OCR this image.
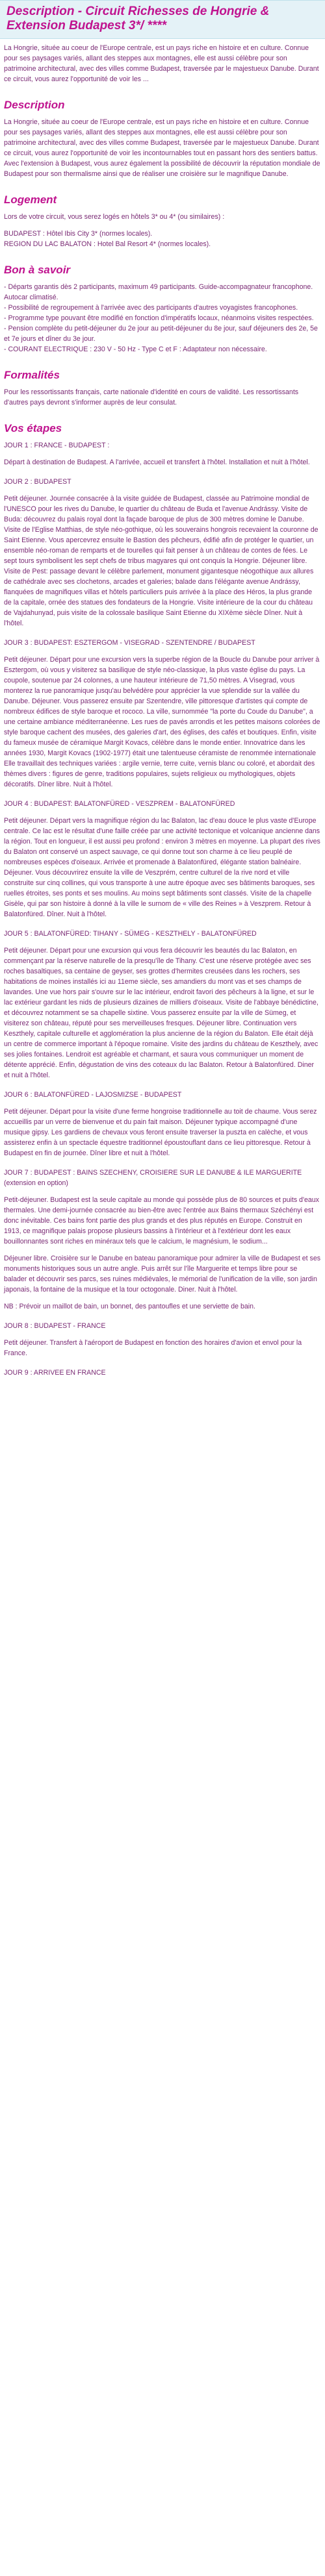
Description - Circuit Richesses de Hongrie & Extension Budapest 3*/ ****

La Hongrie, située au coeur de l'Europe centrale, est un pays riche en histoire et en culture. Connue pour ses paysages variés, allant des steppes aux montagnes, elle est aussi célèbre pour son patrimoine architectural, avec des villes comme Budapest, traversée par le majestueux Danube. Durant ce circuit, vous aurez l'opportunité de voir les ...

Description

La Hongrie, située au coeur de l'Europe centrale, est un pays riche en histoire et en culture. Connue pour ses paysages variés, allant des steppes aux montagnes, elle est aussi célèbre pour son patrimoine architectural, avec des villes comme Budapest, traversée par le majestueux Danube. Durant ce circuit, vous aurez l'opportunité de voir les incontournables tout en passant hors des sentiers battus. Avec l'extension à Budapest, vous aurez également la possibilité de découvrir la réputation mondiale de Budapest pour son thermalisme ainsi que de réaliser une croisière sur le magnifique Danube.

Logement

Lors de votre circuit, vous serez logés en hôtels 3* ou 4* (ou similaires) :

BUDAPEST : Hôtel Ibis City 3* (normes locales).

REGION DU LAC BALATON : Hotel Bal Resort 4* (normes locales).

Bon à savoir
- Départs garantis dès 2 participants, maximum 49 participants. Guide-accompagnateur francophone. Autocar climatisé.
- Possibilité de regroupement à l'arrivée avec des participants d'autres voyagistes francophones.
- Programme type pouvant être modifié en fonction d'impératifs locaux, néanmoins visites respectées.
- Pension complète du petit-déjeuner du 2e jour au petit-déjeuner du 8e jour, sauf déjeuners des 2e, 5e et 7e jours et dîner du 3e jour.
- COURANT ELECTRIQUE : 230 V - 50 Hz - Type C et F : Adaptateur non nécessaire.
Formalités

Pour les ressortissants français, carte nationale d'identité en cours de validité. Les ressortissants d'autres pays devront s'informer auprès de leur consulat.

Vos étapes
JOUR 1 : FRANCE - BUDAPEST :

Départ à destination de Budapest. A l'arrivée, accueil et transfert à l'hôtel. Installation et nuit à l'hôtel.

JOUR 2 : BUDAPEST

Petit déjeuner. Journée consacrée à la visite guidée de Budapest, classée au Patrimoine mondial de l'UNESCO pour les rives du Danube, le quartier du château de Buda et l'avenue Andrássy. Visite de Buda: découvrez du palais royal dont la façade baroque de plus de 300 mètres domine le Danube. Visite de l'Eglise Matthias, de style néo-gothique, où les souverains hongrois recevaient la couronne de Saint Etienne. Vous apercevrez ensuite le Bastion des pêcheurs, édifié afin de protéger le quartier, un ensemble néo-roman de remparts et de tourelles qui fait penser à un château de contes de fées. Le sept tours symbolisent les sept chefs de tribus magyares qui ont conquis la Hongrie. Déjeuner libre. Visite de Pest: passage devant le célèbre parlement, monument gigantesque néogothique aux allures de cathédrale avec ses clochetons, arcades et galeries; balade dans l'élégante avenue Andrássy, flanquées de magnifiques villas et hôtels particuliers puis arrivée à la place des Héros, la plus grande de la capitale, ornée des statues des fondateurs de la Hongrie. Visite intérieure de la cour du château de Vajdahunyad, puis visite de la colossale basilique Saint Etienne du XIXème siècle Dîner. Nuit à l'hôtel.

JOUR 3 : BUDAPEST: ESZTERGOM - VISEGRAD - SZENTENDRE / BUDAPEST

Petit déjeuner. Départ pour une excursion vers la superbe région de la Boucle du Danube pour arriver à Esztergom, où vous y visiterez sa basilique de style néo-classique, la plus vaste église du pays. La coupole, soutenue par 24 colonnes, a une hauteur intérieure de 71,50 mètres. A Visegrad, vous monterez la rue panoramique jusqu'au belvédère pour apprécier la vue splendide sur la vallée du Danube. Déjeuner. Vous passerez ensuite par Szentendre, ville pittoresque d'artistes qui compte de nombreux édifices de style baroque et rococo. La ville, surnommée "la porte du Coude du Danube", a une certaine ambiance méditerranéenne. Les rues de pavés arrondis et les petites maisons colorées de style baroque cachent des musées, des galeries d'art, des églises, des cafés et boutiques. Enfin, visite du fameux musée de céramique Margit Kovacs, célèbre dans le monde entier. Innovatrice dans les années 1930, Margit Kovacs (1902-1977) était une talentueuse céramiste de renommée internationale Elle travaillait des techniques variées : argile vernie, terre cuite, vernis blanc ou coloré, et abordait des thèmes divers : figures de genre, traditions populaires, sujets religieux ou mythologiques, objets décoratifs. Dîner libre. Nuit à l'hôtel.

JOUR 4 : BUDAPEST: BALATONFÜRED - VESZPREM - BALATONFÜRED

Petit déjeuner. Départ vers la magnifique région du lac Balaton, lac d'eau douce le plus vaste d'Europe centrale. Ce lac est le résultat d'une faille créée par une activité tectonique et volcanique ancienne dans la région. Tout en longueur, il est aussi peu profond : environ 3 mètres en moyenne. La plupart des rives du Balaton ont conservé un aspect sauvage, ce qui donne tout son charme à ce lieu peuplé de nombreuses espèces d'oiseaux. Arrivée et promenade à Balatonfüred, élégante station balnéaire. Déjeuner. Vous découvrirez ensuite la ville de Veszprém, centre culturel de la rive nord et ville construite sur cinq collines, qui vous transporte à une autre époque avec ses bâtiments baroques, ses ruelles étroites, ses ponts et ses moulins. Au moins sept bâtiments sont classés. Visite de la chapelle Gisèle, qui par son histoire à donné à la ville le surnom de « ville des Reines » à Veszprem. Retour à Balatonfüred. Dîner. Nuit à l'hôtel.

JOUR 5 : BALATONFÜRED: TIHANY - SÜMEG - KESZTHELY - BALATONFÜRED

Petit déjeuner. Départ pour une excursion qui vous fera découvrir les beautés du lac Balaton, en commençant par la réserve naturelle de la presqu'île de Tihany. C'est une réserve protégée avec ses roches basaltiques, sa centaine de geyser, ses grottes d'hermites creusées dans les rochers, ses habitations de moines installés ici au 11eme siècle, ses amandiers du mont vas et ses champs de lavandes. Une vue hors pair s'ouvre sur le lac intérieur, endroit favori des pêcheurs à la ligne, et sur le lac extérieur gardant les nids de plusieurs dizaines de milliers d'oiseaux. Visite de l'abbaye bénédictine, et découvrez notamment se sa chapelle sixtine. Vous passerez ensuite par la ville de Sümeg, et visiterez son château, réputé pour ses merveilleuses fresques. Déjeuner libre. Continuation vers Keszthely, capitale culturelle et agglomération la plus ancienne de la région du Balaton. Elle était déjà un centre de commerce important à l'époque romaine. Visite des jardins du château de Keszthely, avec ses jolies fontaines. Lendroit est agréable et charmant, et saura vous communiquer un moment de détente apprécié. Enfin, dégustation de vins des coteaux du lac Balaton. Retour à Balatonfüred. Diner et nuit à l'hôtel.

JOUR 6 : BALATONFÜRED - LAJOSMIZSE - BUDAPEST

Petit déjeuner. Départ pour la visite d'une ferme hongroise traditionnelle au toit de chaume. Vous serez accueillis par un verre de bienvenue et du pain fait maison. Déjeuner typique accompagné d'une musique gipsy. Les gardiens de chevaux vous feront ensuite traverser la puszta en calèche, et vous assisterez enfin à un spectacle équestre traditionnel époustouflant dans ce lieu pittoresque. Retour à Budapest en fin de journée. Dîner libre et nuit à l'hôtel.

JOUR 7 : BUDAPEST : BAINS SZECHENY, CROISIERE SUR LE DANUBE & ILE MARGUERITE (extension en option)

Petit-déjeuner. Budapest est la seule capitale au monde qui possède plus de 80 sources et puits d'eaux thermales. Une demi-journée consacrée au bien-être avec l'entrée aux Bains thermaux Széchényi est donc inévitable. Ces bains font partie des plus grands et des plus réputés en Europe. Construit en 1913, ce magnifique palais propose plusieurs bassins à l'intérieur et à l'extérieur dont les eaux bouillonnantes sont riches en minéraux tels que le calcium, le magnésium, le sodium...

Déjeuner libre. Croisière sur le Danube en bateau panoramique pour admirer la ville de Budapest et ses monuments historiques sous un autre angle. Puis arrêt sur l'île Marguerite et temps libre pour se balader et découvrir ses parcs, ses ruines médiévales, le mémorial de l'unification de la ville, son jardin japonais, la fontaine de la musique et la tour octogonale. Diner. Nuit à l'hôtel.

NB : Prévoir un maillot de bain, un bonnet, des pantoufles et une serviette de bain.

JOUR 8 : BUDAPEST - FRANCE

Petit déjeuner. Transfert à l'aéroport de Budapest en fonction des horaires d'avion et envol pour la France.

JOUR 9 : ARRIVEE EN FRANCE
